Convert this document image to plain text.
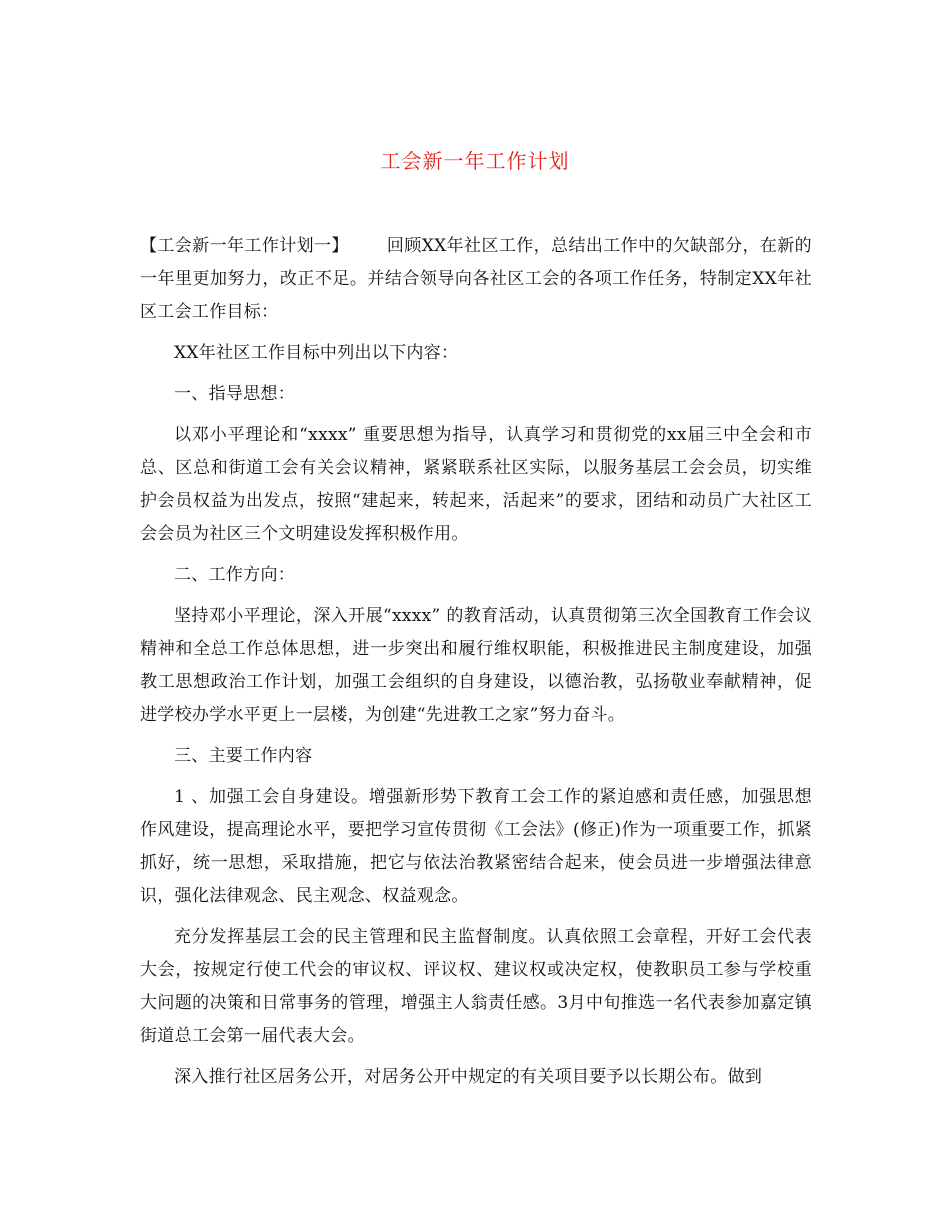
工会新一年工作计划

【工会新一年工作计划一】 回顾XX年社区工作，总结出工作中的欠缺部分，在新的一年里更加努力，改正不足。并结合领导向各社区工会的各项工作任务，特制定XX年社区工会工作目标：

XX年社区工作目标中列出以下内容：

一、指导思想：

以邓小平理论和“xxxx” 重要思想为指导，认真学习和贯彻党的xx届三中全会和市总、区总和街道工会有关会议精神，紧紧联系社区实际，以服务基层工会会员，切实维护会员权益为出发点，按照“建起来，转起来，活起来”的要求，团结和动员广大社区工会会员为社区三个文明建设发挥积极作用。

二、工作方向：

坚持邓小平理论，深入开展“xxxx” 的教育活动，认真贯彻第三次全国教育工作会议精神和全总工作总体思想，进一步突出和履行维权职能，积极推进民主制度建设，加强教工思想政治工作计划，加强工会组织的自身建设，以德治教，弘扬敬业奉献精神，促进学校办学水平更上一层楼，为创建“先进教工之家”努力奋斗。

三、主要工作内容

1 、加强工会自身建设。增强新形势下教育工会工作的紧迫感和责任感，加强思想作风建设，提高理论水平，要把学习宣传贯彻《工会法》(修正)作为一项重要工作，抓紧抓好，统一思想，采取措施，把它与依法治教紧密结合起来，使会员进一步增强法律意识，强化法律观念、民主观念、权益观念。

充分发挥基层工会的民主管理和民主监督制度。认真依照工会章程，开好工会代表大会，按规定行使工代会的审议权、评议权、建议权或决定权，使教职员工参与学校重大问题的决策和日常事务的管理，增强主人翁责任感。3月中旬推选一名代表参加嘉定镇街道总工会第一届代表大会。

深入推行社区居务公开，对居务公开中规定的有关项目要予以长期公布。做到
